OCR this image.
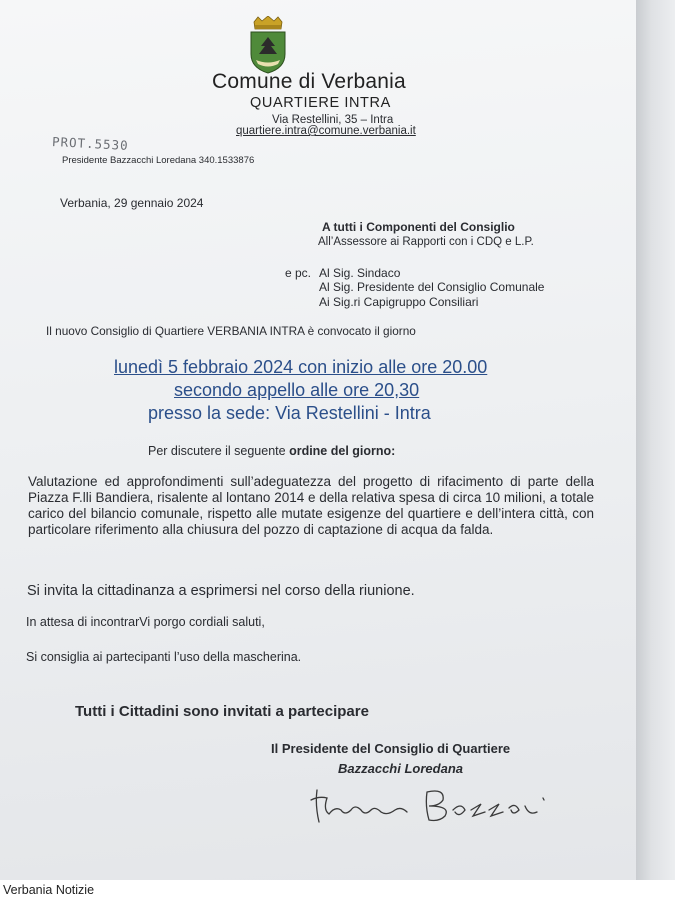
Comune di Verbania
QUARTIERE INTRA
Via Restellini, 35 – Intra
quartiere.intra@comune.verbania.it
PROT.5530
Presidente Bazzacchi Loredana 340.1533876
Verbania, 29 gennaio 2024
A tutti i Componenti del Consiglio
All’Assessore ai Rapporti con i CDQ e L.P.
e pc. Al Sig. Sindaco
Al Sig. Presidente del Consiglio Comunale
Ai Sig.ri Capigruppo Consiliari
Il nuovo Consiglio di Quartiere VERBANIA INTRA è convocato il giorno
lunedì 5 febbraio 2024 con inizio alle ore 20.00
secondo appello alle ore 20,30
presso la sede: Via Restellini - Intra
Per discutere il seguente ordine del giorno:
Valutazione ed approfondimenti sull’adeguatezza del progetto di rifacimento di parte della Piazza F.lli Bandiera, risalente al lontano 2014 e della relativa spesa di circa 10 milioni, a totale carico del bilancio comunale, rispetto alle mutate esigenze del quartiere e dell’intera città, con particolare riferimento alla chiusura del pozzo di captazione di acqua da falda.
Si invita la cittadinanza a esprimersi nel corso della riunione.
In attesa di incontrarVi porgo cordiali saluti,
Si consiglia ai partecipanti l’uso della mascherina.
Tutti i Cittadini sono invitati a partecipare
Il Presidente del Consiglio di Quartiere
Bazzacchi Loredana
Verbania Notizie
